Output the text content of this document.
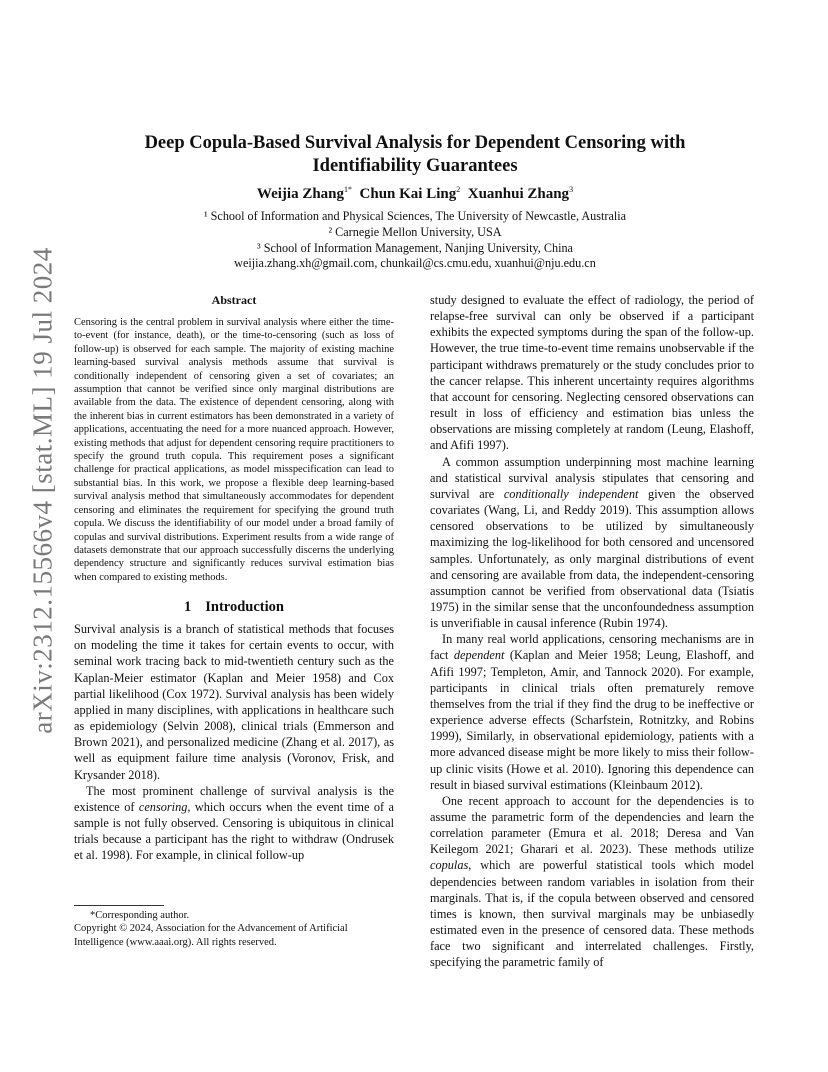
arXiv:2312.15566v4 [stat.ML] 19 Jul 2024
Deep Copula-Based Survival Analysis for Dependent Censoring with
Identifiability Guarantees
Weijia Zhang$^{1*}$ Chun Kai Ling$^2$ Xuanhui Zhang$^3$
¹ School of Information and Physical Sciences, The University of Newcastle, Australia
² Carnegie Mellon University, USA
³ School of Information Management, Nanjing University, China
weijia.zhang.xh@gmail.com, chunkail@cs.cmu.edu, xuanhui@nju.edu.cn
Abstract

Censoring is the central problem in survival analysis where either the time-to-event (for instance, death), or the time-to-censoring (such as loss of follow-up) is observed for each sample. The majority of existing machine learning-based survival analysis methods assume that survival is conditionally independent of censoring given a set of covariates; an assumption that cannot be verified since only marginal distributions are available from the data. The existence of dependent censoring, along with the inherent bias in current estimators has been demonstrated in a variety of applications, accentuating the need for a more nuanced approach. However, existing methods that adjust for dependent censoring require practitioners to specify the ground truth copula. This requirement poses a significant challenge for practical applications, as model misspecification can lead to substantial bias. In this work, we propose a flexible deep learning-based survival analysis method that simultaneously accommodates for dependent censoring and eliminates the requirement for specifying the ground truth copula. We discuss the identifiability of our model under a broad family of copulas and survival distributions. Experiment results from a wide range of datasets demonstrate that our approach successfully discerns the underlying dependency structure and significantly reduces survival estimation bias when compared to existing methods.

1 Introduction

Survival analysis is a branch of statistical methods that focuses on modeling the time it takes for certain events to occur, with seminal work tracing back to mid-twentieth century such as the Kaplan-Meier estimator (Kaplan and Meier 1958) and Cox partial likelihood (Cox 1972). Survival analysis has been widely applied in many disciplines, with applications in healthcare such as epidemiology (Selvin 2008), clinical trials (Emmerson and Brown 2021), and personalized medicine (Zhang et al. 2017), as well as equipment failure time analysis (Voronov, Frisk, and Krysander 2018).

The most prominent challenge of survival analysis is the existence of censoring, which occurs when the event time of a sample is not fully observed. Censoring is ubiquitous in clinical trials because a participant has the right to withdraw (Ondrusek et al. 1998). For example, in clinical follow-up

*Corresponding author.
Copyright © 2024, Association for the Advancement of Artificial Intelligence (www.aaai.org). All rights reserved.

study designed to evaluate the effect of radiology, the period of relapse-free survival can only be observed if a participant exhibits the expected symptoms during the span of the follow-up. However, the true time-to-event time remains unobservable if the participant withdraws prematurely or the study concludes prior to the cancer relapse. This inherent uncertainty requires algorithms that account for censoring. Neglecting censored observations can result in loss of efficiency and estimation bias unless the observations are missing completely at random (Leung, Elashoff, and Afifi 1997).

A common assumption underpinning most machine learning and statistical survival analysis stipulates that censoring and survival are conditionally independent given the observed covariates (Wang, Li, and Reddy 2019). This assumption allows censored observations to be utilized by simultaneously maximizing the log-likelihood for both censored and uncensored samples. Unfortunately, as only marginal distributions of event and censoring are available from data, the independent-censoring assumption cannot be verified from observational data (Tsiatis 1975) in the similar sense that the unconfoundedness assumption is unverifiable in causal inference (Rubin 1974).

In many real world applications, censoring mechanisms are in fact dependent (Kaplan and Meier 1958; Leung, Elashoff, and Afifi 1997; Templeton, Amir, and Tannock 2020). For example, participants in clinical trials often prematurely remove themselves from the trial if they find the drug to be ineffective or experience adverse effects (Scharfstein, Rotnitzky, and Robins 1999), Similarly, in observational epidemiology, patients with a more advanced disease might be more likely to miss their follow-up clinic visits (Howe et al. 2010). Ignoring this dependence can result in biased survival estimations (Kleinbaum 2012).

One recent approach to account for the dependencies is to assume the parametric form of the dependencies and learn the correlation parameter (Emura et al. 2018; Deresa and Van Keilegom 2021; Gharari et al. 2023). These methods utilize copulas, which are powerful statistical tools which model dependencies between random variables in isolation from their marginals. That is, if the copula between observed and censored times is known, then survival marginals may be unbiasedly estimated even in the presence of censored data. These methods face two significant and interrelated challenges. Firstly, specifying the parametric family of
